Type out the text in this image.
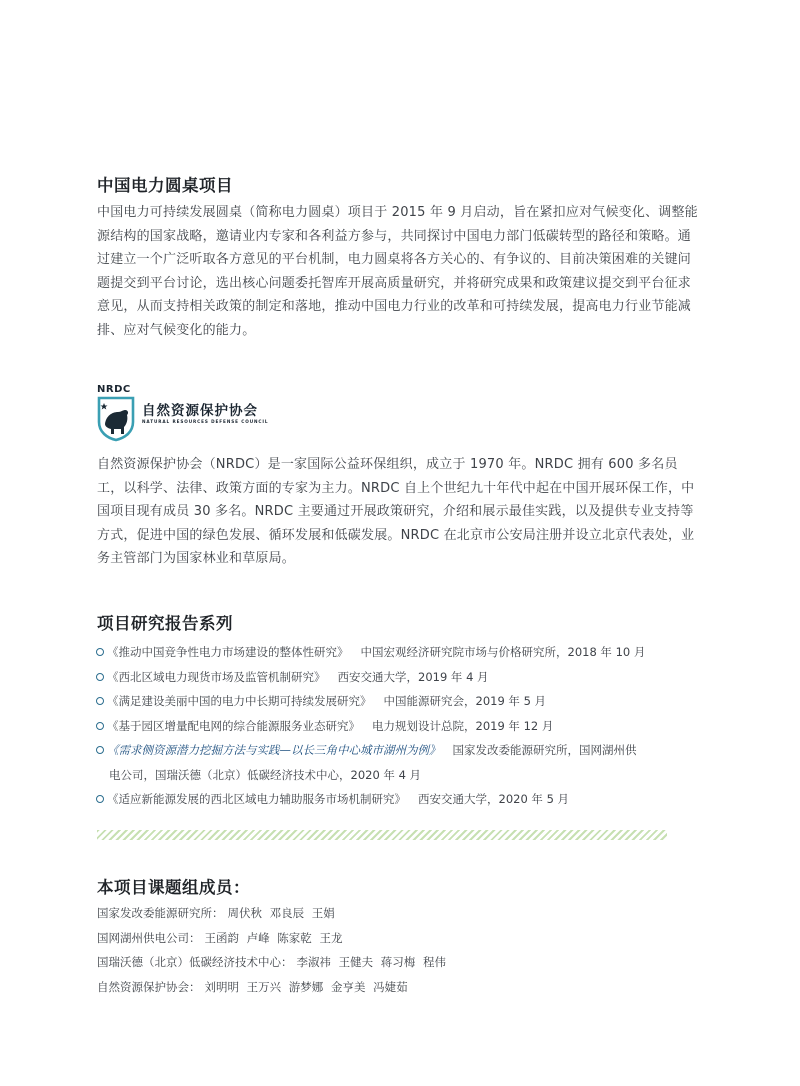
中国电力圆桌项目

中国电力可持续发展圆桌（简称电力圆桌）项目于 2015 年 9 月启动，旨在紧扣应对气候变化、调整能源结构的国家战略，邀请业内专家和各利益方参与，共同探讨中国电力部门低碳转型的路径和策略。通过建立一个广泛听取各方意见的平台机制，电力圆桌将各方关心的、有争议的、目前决策困难的关键问题提交到平台讨论，选出核心问题委托智库开展高质量研究，并将研究成果和政策建议提交到平台征求意见，从而支持相关政策的制定和落地，推动中国电力行业的改革和可持续发展，提高电力行业节能减排、应对气候变化的能力。

NRDC
自然资源保护协会
NATURAL RESOURCES DEFENSE COUNCIL

自然资源保护协会（NRDC）是一家国际公益环保组织，成立于 1970 年。NRDC 拥有 600 多名员工，以科学、法律、政策方面的专家为主力。NRDC 自上个世纪九十年代中起在中国开展环保工作，中国项目现有成员 30 多名。NRDC 主要通过开展政策研究，介绍和展示最佳实践，以及提供专业支持等方式，促进中国的绿色发展、循环发展和低碳发展。NRDC 在北京市公安局注册并设立北京代表处，业务主管部门为国家林业和草原局。

项目研究报告系列
《推动中国竞争性电力市场建设的整体性研究》 中国宏观经济研究院市场与价格研究所，2018 年 10 月
《西北区域电力现货市场及监管机制研究》 西安交通大学，2019 年 4 月
《满足建设美丽中国的电力中长期可持续发展研究》 中国能源研究会，2019 年 5 月
《基于园区增量配电网的综合能源服务业态研究》 电力规划设计总院，2019 年 12 月
《需求侧资源潜力挖掘方法与实践—以长三角中心城市湖州为例》 国家发改委能源研究所，国网湖州供
电公司，国瑞沃德（北京）低碳经济技术中心，2020 年 4 月
《适应新能源发展的西北区域电力辅助服务市场机制研究》 西安交通大学，2020 年 5 月
本项目课题组成员：
国家发改委能源研究所： 周伏秋 邓良辰 王娟
国网湖州供电公司： 王函韵 卢峰 陈家乾 王龙
国瑞沃德（北京）低碳经济技术中心： 李淑祎 王健夫 蒋习梅 程伟
自然资源保护协会： 刘明明 王万兴 游梦娜 金亨美 冯婕茹
